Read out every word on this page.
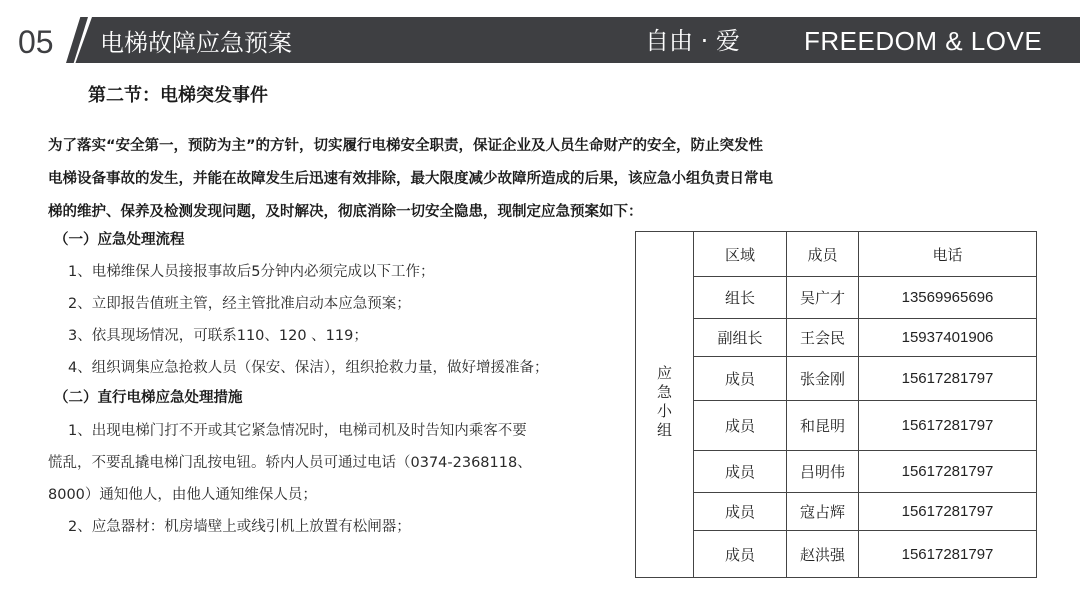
05 电梯故障应急预案	自由 · 爱 FREEDOM & LOVE
第二节：电梯突发事件
为了落实“安全第一，预防为主”的方针，切实履行电梯安全职责，保证企业及人员生命财产的安全，防止突发性
电梯设备事故的发生，并能在故障发生后迅速有效排除，最大限度减少故障所造成的后果，该应急小组负责日常电
梯的维护、保养及检测发现问题，及时解决，彻底消除一切安全隐患，现制定应急预案如下：
（一）应急处理流程
1、电梯维保人员接报事故后5分钟内必须完成以下工作；
2、立即报告值班主管，经主管批准启动本应急预案；
3、依具现场情况，可联系110、120 、119；
4、组织调集应急抢救人员（保安、保洁），组织抢救力量，做好增援准备；
（二）直行电梯应急处理措施
1、出现电梯门打不开或其它紧急情况时，电梯司机及时告知内乘客不要
慌乱，不要乱撬电梯门乱按电钮。轿内人员可通过电话（0374-2368118、
8000）通知他人，由他人通知维保人员；
2、应急器材：机房墙壁上或线引机上放置有松闸器；
应急小组	区域	成员	电话
	组长	吴广才	13569965696
	副组长	王会民	15937401906
	成员	张金刚	15617281797
	成员	和昆明	15617281797
	成员	吕明伟	15617281797
	成员	寇占辉	15617281797
	成员	赵洪强	15617281797
